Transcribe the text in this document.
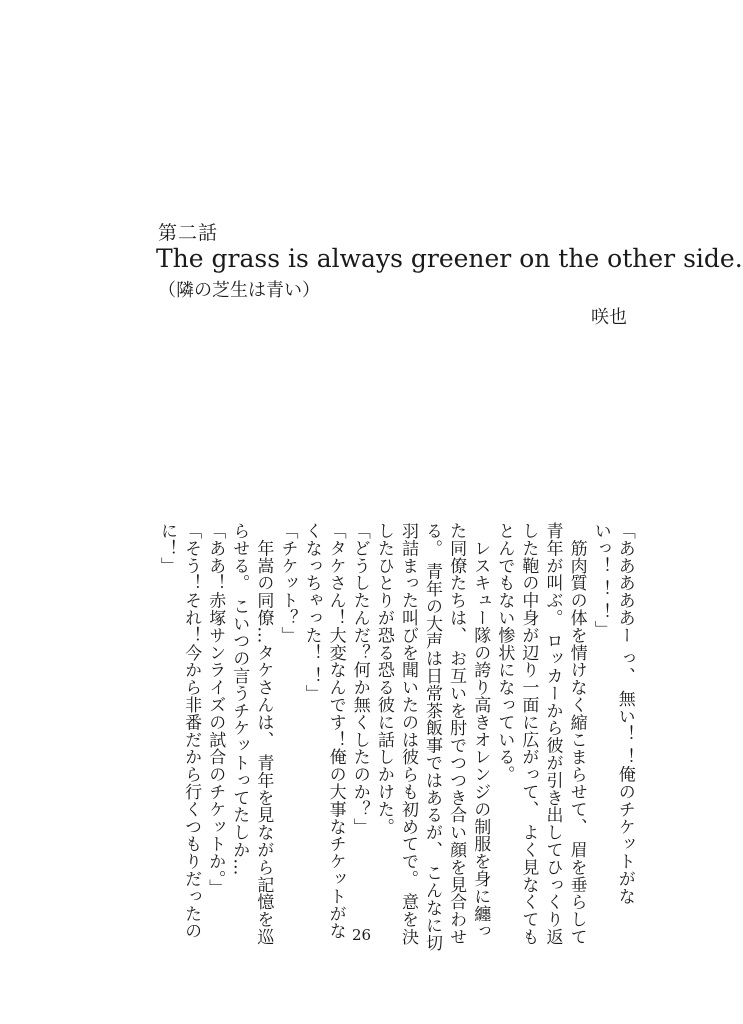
第二話
The grass is always greener on the other side.
（隣の芝生は青い）
咲也
「あああああー っ、 無い！ ！俺のチケットがな
いっ！ ！ ！」
　筋肉質の体を情けなく縮こまらせて、 眉を垂らして
青年が叫ぶ。 ロッカーから彼が引き出してひっくり返
した鞄の中身が辺り一面に広がって、 よく見なくても
とんでもない惨状になっている。
　レスキュー隊の誇り高きオレンジの制服を身に纏っ
た同僚たちは、 お互いを肘でつつき合い顔を見合わせ
る。 青年の大声は日常茶飯事ではあるが、 こんなに切
羽詰まった叫びを聞いたのは彼らも初めてで。 意を決
したひとりが恐る恐る彼に話しかけた。
「どうしたんだ？何か無くしたのか？」
「タケさん！大変なんです！俺の大事なチケットがな
くなっちゃった！ ！」
「チケット？」
　年嵩の同僚…タケさんは、 青年を見ながら記憶を巡
らせる。 こいつの言うチケットってたしか…
「ああ！赤塚サンライズの試合のチケットか。」
「そう！それ！今から非番だから行くつもりだったの
に！」
26
